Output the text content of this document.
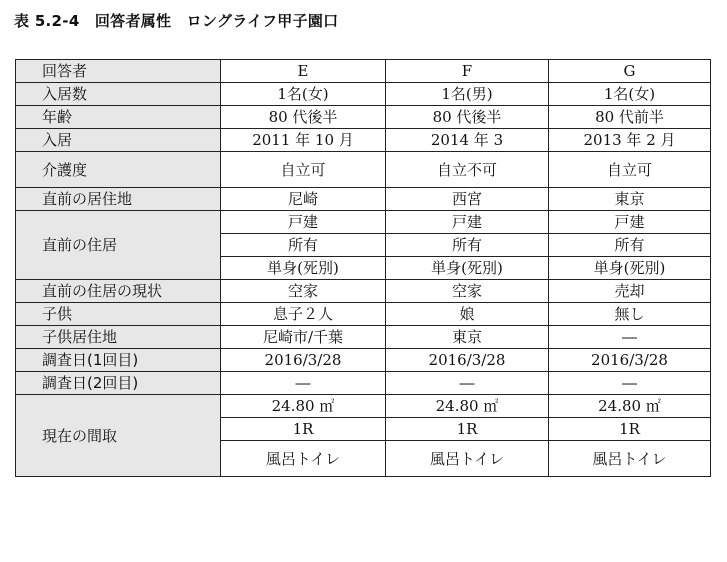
表 5.2-4　回答者属性　ロングライフ甲子園口
回答者	E	F	G
入居数	1名(女)	1名(男)	1名(女)
年齢	80 代後半	80 代後半	80 代前半
入居	2011 年 10 月	2014 年 3	2013 年 2 月
介護度	自立可	自立不可	自立可
直前の居住地	尼崎	西宮	東京
直前の住居	戸建	戸建	戸建
	所有	所有	所有
	単身(死別)	単身(死別)	単身(死別)
直前の住居の現状	空家	空家	売却
子供	息子２人	娘	無し
子供居住地	尼崎市/千葉	東京	―
調査日(1回目)	2016/3/28	2016/3/28	2016/3/28
調査日(2回目)	―	―	―
現在の間取	24.80 ㎡	24.80 ㎡	24.80 ㎡
	1R	1R	1R
	風呂トイレ	風呂トイレ	風呂トイレ
